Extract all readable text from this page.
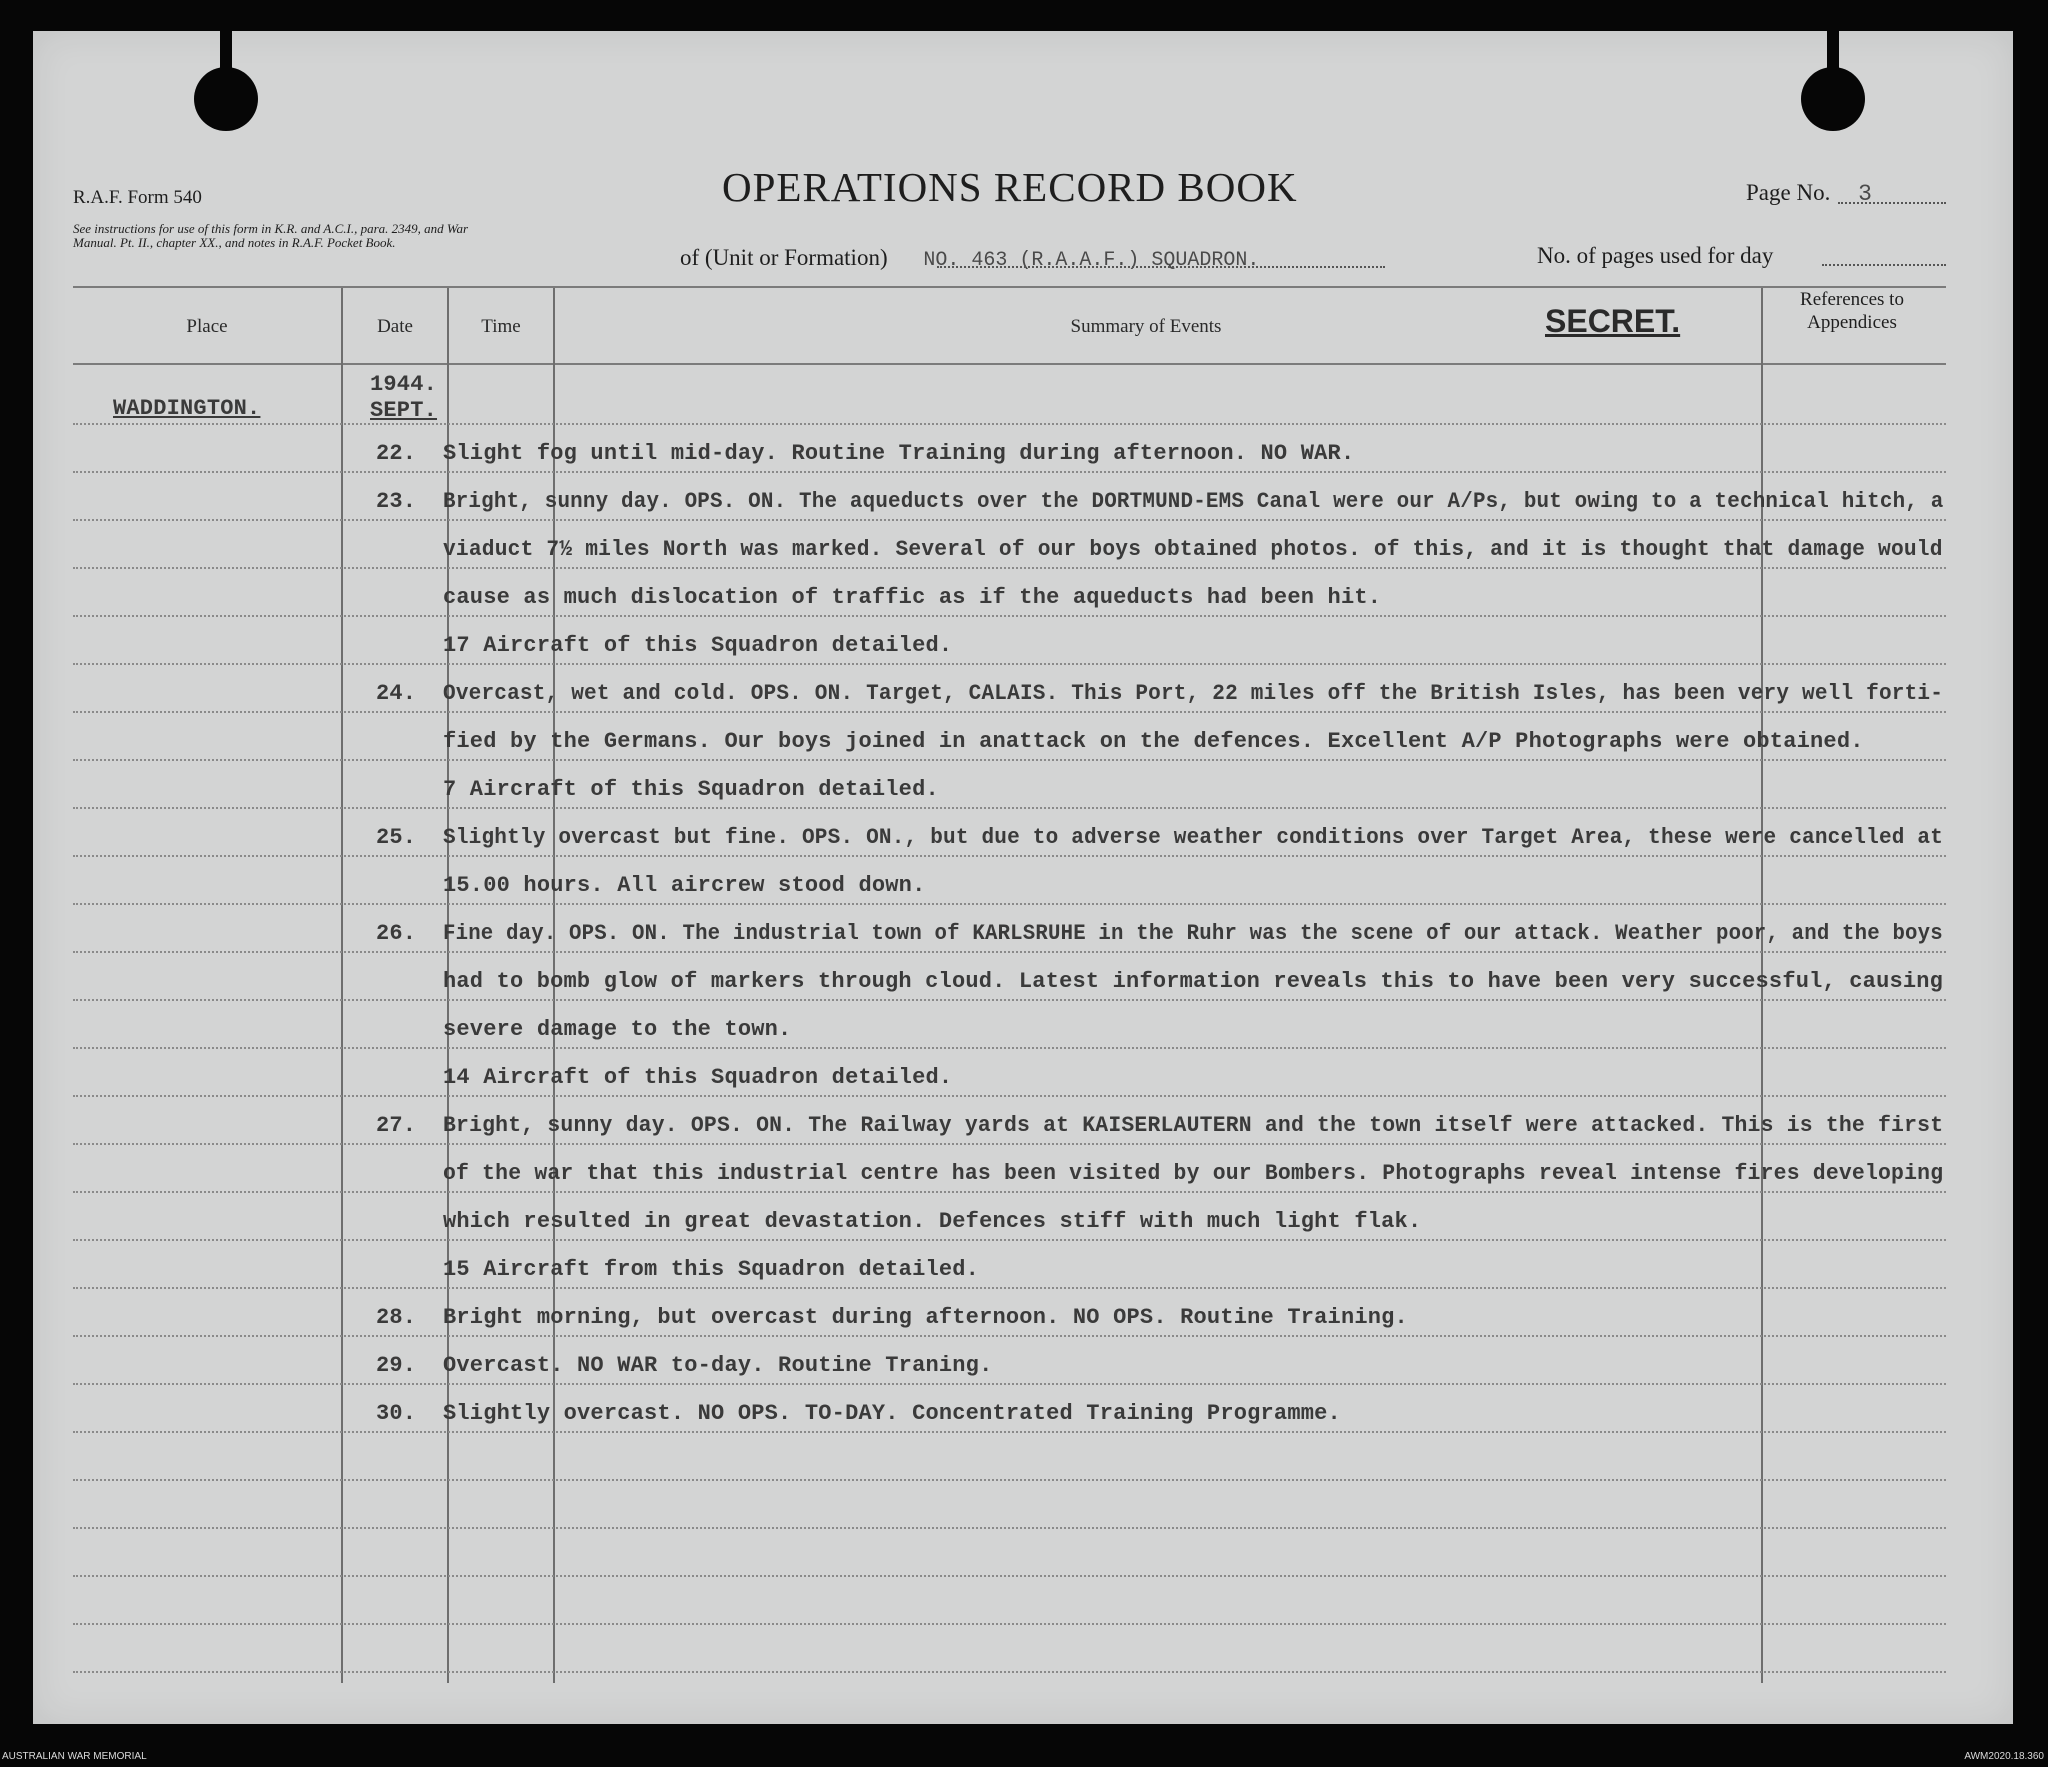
R.A.F. Form 540
See instructions for use of this form in K.R. and A.C.I., para. 2349, and War Manual. Pt. II., chapter XX., and notes in R.A.F. Pocket Book.
OPERATIONS RECORD BOOK	Page No. 3
of (Unit or Formation) NO. 463 (R.A.A.F.) SQUADRON.	No. of pages used for day
Place	Date	Time	Summary of Events	SECRET.
References to Appendices
WADDINGTON.
1944.
SEPT.
22. Slight fog until mid-day. Routine Training during afternoon. NO WAR.
23. Bright, sunny day. OPS. ON. The aqueducts over the DORTMUND-EMS Canal were our A/Ps, but owing to a technical hitch, a
viaduct 7½ miles North was marked. Several of our boys obtained photos. of this, and it is thought that damage would
cause as much dislocation of traffic as if the aqueducts had been hit.
17 Aircraft of this Squadron detailed.
24. Overcast, wet and cold. OPS. ON. Target, CALAIS. This Port, 22 miles off the British Isles, has been very well forti-
fied by the Germans. Our boys joined in anattack on the defences. Excellent A/P Photographs were obtained.
7 Aircraft of this Squadron detailed.
25. Slightly overcast but fine. OPS. ON., but due to adverse weather conditions over Target Area, these were cancelled at
15.00 hours. All aircrew stood down.
26. Fine day. OPS. ON. The industrial town of KARLSRUHE in the Ruhr was the scene of our attack. Weather poor, and the boys
had to bomb glow of markers through cloud. Latest information reveals this to have been very successful, causing
severe damage to the town.
14 Aircraft of this Squadron detailed.
27. Bright, sunny day. OPS. ON. The Railway yards at KAISERLAUTERN and the town itself were attacked. This is the first
of the war that this industrial centre has been visited by our Bombers. Photographs reveal intense fires developing
which resulted in great devastation. Defences stiff with much light flak.
15 Aircraft from this Squadron detailed.
28. Bright morning, but overcast during afternoon. NO OPS. Routine Training.
29. Overcast. NO WAR to-day. Routine Traning.
30. Slightly overcast. NO OPS. TO-DAY. Concentrated Training Programme.
AUSTRALIAN WAR MEMORIAL	AWM2020.18.360
